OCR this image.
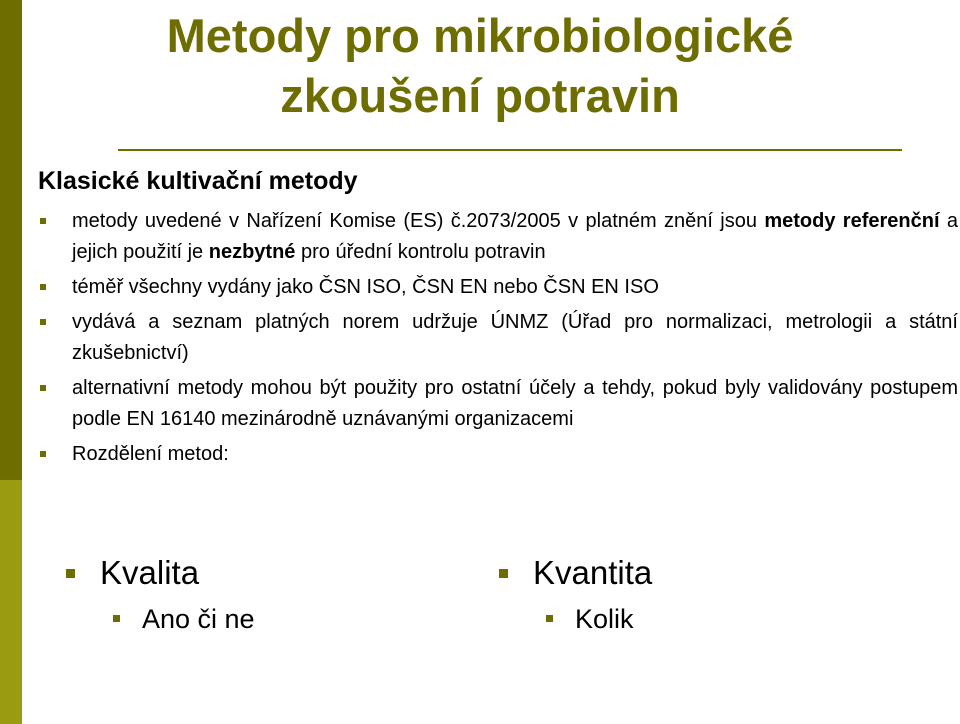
Metody pro mikrobiologické
zkoušení potravin
Klasické kultivační metody
metody uvedené v Nařízení Komise (ES) č.2073/2005 v platném znění jsou metody referenční a jejich použití je nezbytné pro úřední kontrolu potravin
téměř všechny vydány jako ČSN ISO, ČSN EN nebo ČSN EN ISO
vydává a seznam platných norem udržuje ÚNMZ (Úřad pro normalizaci, metrologii a státní zkušebnictví)
alternativní metody mohou být použity pro ostatní účely a tehdy, pokud byly validovány postupem podle EN 16140 mezinárodně uznávanými organizacemi
Rozdělení metod:
Kvalita
Ano či ne
Kvantita
Kolik
